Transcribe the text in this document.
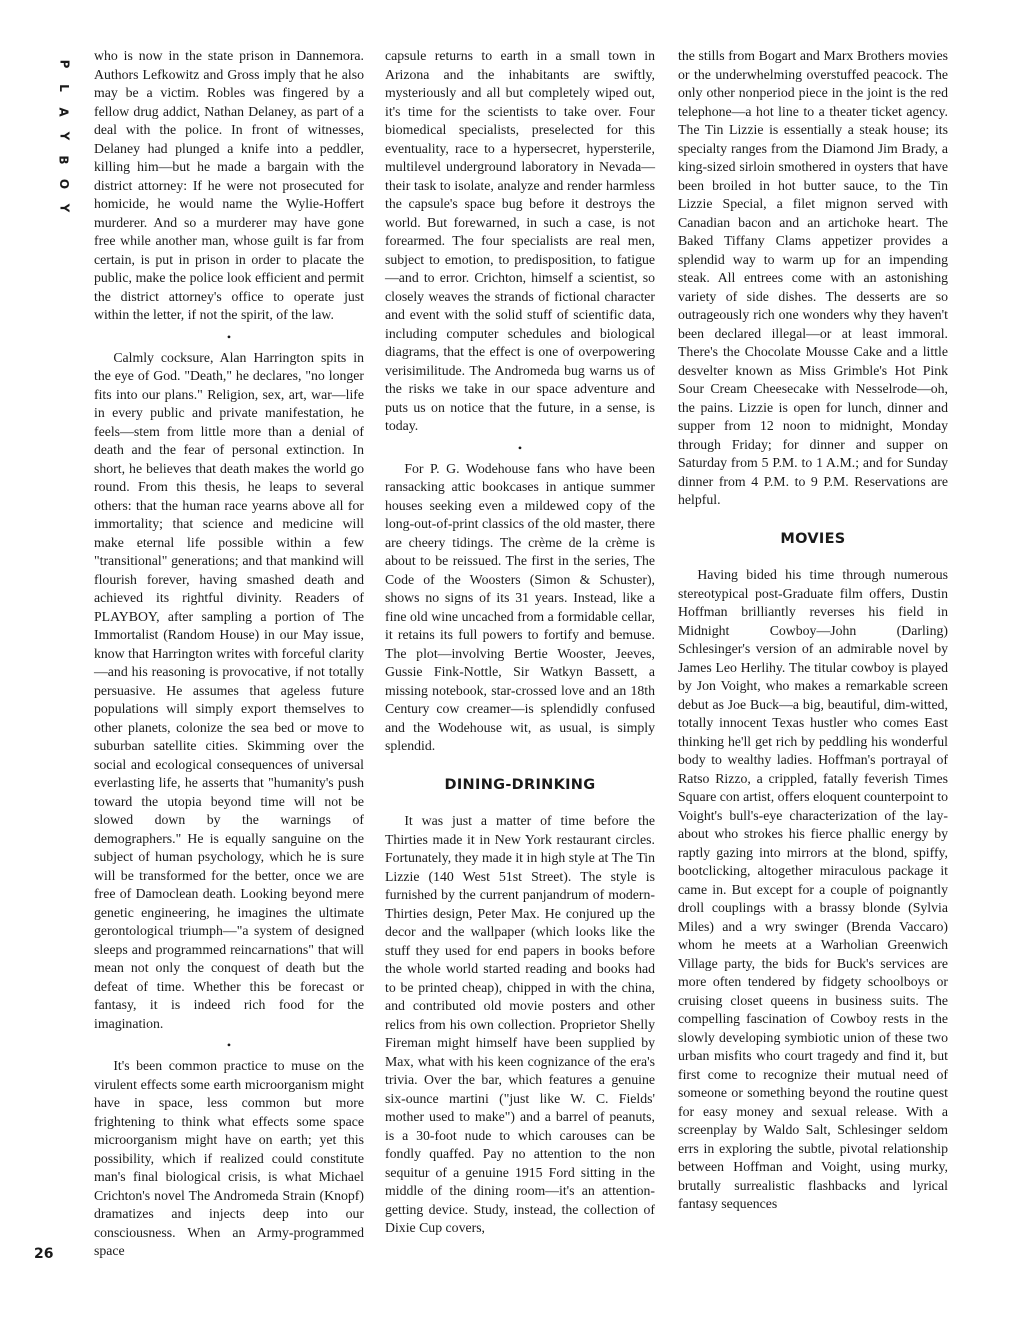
P
L
A
Y
B
O
Y
26

who is now in the state prison in Dannemora. Authors Lefkowitz and Gross imply that he also may be a victim. Robles was fingered by a fellow drug addict, Nathan Delaney, as part of a deal with the police. In front of witnesses, Delaney had plunged a knife into a peddler, killing him—but he made a bargain with the district attorney: If he were not prosecuted for homicide, he would name the Wylie-Hoffert murderer. And so a murderer may have gone free while another man, whose guilt is far from certain, is put in prison in order to placate the public, make the police look efficient and permit the district attorney's office to operate just within the letter, if not the spirit, of the law.

•

Calmly cocksure, Alan Harrington spits in the eye of God. "Death," he declares, "no longer fits into our plans." Religion, sex, art, war—life in every public and private manifestation, he feels—stem from little more than a denial of death and the fear of personal extinction. In short, he believes that death makes the world go round. From this thesis, he leaps to several others: that the human race yearns above all for immortality; that science and medicine will make eternal life possible within a few "transitional" generations; and that mankind will flourish forever, having smashed death and achieved its rightful divinity. Readers of PLAYBOY, after sampling a portion of The Immortalist (Random House) in our May issue, know that Harrington writes with forceful clarity—and his reasoning is provocative, if not totally persuasive. He assumes that ageless future populations will simply export themselves to other planets, colonize the sea bed or move to suburban satellite cities. Skimming over the social and ecological consequences of universal everlasting life, he asserts that "humanity's push toward the utopia beyond time will not be slowed down by the warnings of demographers." He is equally sanguine on the subject of human psychology, which he is sure will be transformed for the better, once we are free of Damoclean death. Looking beyond mere genetic engineering, he imagines the ultimate gerontological triumph—"a system of designed sleeps and programmed reincarnations" that will mean not only the conquest of death but the defeat of time. Whether this be forecast or fantasy, it is indeed rich food for the imagination.

•

It's been common practice to muse on the virulent effects some earth microorganism might have in space, less common but more frightening to think what effects some space microorganism might have on earth; yet this possibility, which if realized could constitute man's final biological crisis, is what Michael Crichton's novel The Andromeda Strain (Knopf) dramatizes and injects deep into our consciousness. When an Army-programmed space

capsule returns to earth in a small town in Arizona and the inhabitants are swiftly, mysteriously and all but completely wiped out, it's time for the scientists to take over. Four biomedical specialists, preselected for this eventuality, race to a hypersecret, hypersterile, multilevel underground laboratory in Nevada—their task to isolate, analyze and render harmless the capsule's space bug before it destroys the world. But forewarned, in such a case, is not forearmed. The four specialists are real men, subject to emotion, to predisposition, to fatigue—and to error. Crichton, himself a scientist, so closely weaves the strands of fictional character and event with the solid stuff of scientific data, including computer schedules and biological diagrams, that the effect is one of overpowering verisimilitude. The Andromeda bug warns us of the risks we take in our space adventure and puts us on notice that the future, in a sense, is today.

•

For P. G. Wodehouse fans who have been ransacking attic bookcases in antique summer houses seeking even a mildewed copy of the long-out-of-print classics of the old master, there are cheery tidings. The crème de la crème is about to be reissued. The first in the series, The Code of the Woosters (Simon & Schuster), shows no signs of its 31 years. Instead, like a fine old wine uncached from a formidable cellar, it retains its full powers to fortify and bemuse. The plot—involving Bertie Wooster, Jeeves, Gussie Fink-Nottle, Sir Watkyn Bassett, a missing notebook, star-crossed love and an 18th Century cow creamer—is splendidly confused and the Wodehouse wit, as usual, is simply splendid.

DINING-DRINKING

It was just a matter of time before the Thirties made it in New York restaurant circles. Fortunately, they made it in high style at The Tin Lizzie (140 West 51st Street). The style is furnished by the current panjandrum of modern-Thirties design, Peter Max. He conjured up the decor and the wallpaper (which looks like the stuff they used for end papers in books before the whole world started reading and books had to be printed cheap), chipped in with the china, and contributed old movie posters and other relics from his own collection. Proprietor Shelly Fireman might himself have been supplied by Max, what with his keen cognizance of the era's trivia. Over the bar, which features a genuine six-ounce martini ("just like W. C. Fields' mother used to make") and a barrel of peanuts, is a 30-foot nude to which carouses can be fondly quaffed. Pay no attention to the non sequitur of a genuine 1915 Ford sitting in the middle of the dining room—it's an attention-getting device. Study, instead, the collection of Dixie Cup covers,

the stills from Bogart and Marx Brothers movies or the underwhelming overstuffed peacock. The only other nonperiod piece in the joint is the red telephone—a hot line to a theater ticket agency. The Tin Lizzie is essentially a steak house; its specialty ranges from the Diamond Jim Brady, a king-sized sirloin smothered in oysters that have been broiled in hot butter sauce, to the Tin Lizzie Special, a filet mignon served with Canadian bacon and an artichoke heart. The Baked Tiffany Clams appetizer provides a splendid way to warm up for an impending steak. All entrees come with an astonishing variety of side dishes. The desserts are so outrageously rich one wonders why they haven't been declared illegal—or at least immoral. There's the Chocolate Mousse Cake and a little desvelter known as Miss Grimble's Hot Pink Sour Cream Cheesecake with Nesselrode—oh, the pains. Lizzie is open for lunch, dinner and supper from 12 noon to midnight, Monday through Friday; for dinner and supper on Saturday from 5 P.M. to 1 A.M.; and for Sunday dinner from 4 P.M. to 9 P.M. Reservations are helpful.

MOVIES

Having bided his time through numerous stereotypical post-Graduate film offers, Dustin Hoffman brilliantly reverses his field in Midnight Cowboy—John (Darling) Schlesinger's version of an admirable novel by James Leo Herlihy. The titular cowboy is played by Jon Voight, who makes a remarkable screen debut as Joe Buck—a big, beautiful, dim-witted, totally innocent Texas hustler who comes East thinking he'll get rich by peddling his wonderful body to wealthy ladies. Hoffman's portrayal of Ratso Rizzo, a crippled, fatally feverish Times Square con artist, offers eloquent counterpoint to Voight's bull's-eye characterization of the lay-about who strokes his fierce phallic energy by raptly gazing into mirrors at the blond, spiffy, bootclicking, altogether miraculous package it came in. But except for a couple of poignantly droll couplings with a brassy blonde (Sylvia Miles) and a wry swinger (Brenda Vaccaro) whom he meets at a Warholian Greenwich Village party, the bids for Buck's services are more often tendered by fidgety schoolboys or cruising closet queens in business suits. The compelling fascination of Cowboy rests in the slowly developing symbiotic union of these two urban misfits who court tragedy and find it, but first come to recognize their mutual need of someone or something beyond the routine quest for easy money and sexual release. With a screenplay by Waldo Salt, Schlesinger seldom errs in exploring the subtle, pivotal relationship between Hoffman and Voight, using murky, brutally surrealistic flashbacks and lyrical fantasy sequences
